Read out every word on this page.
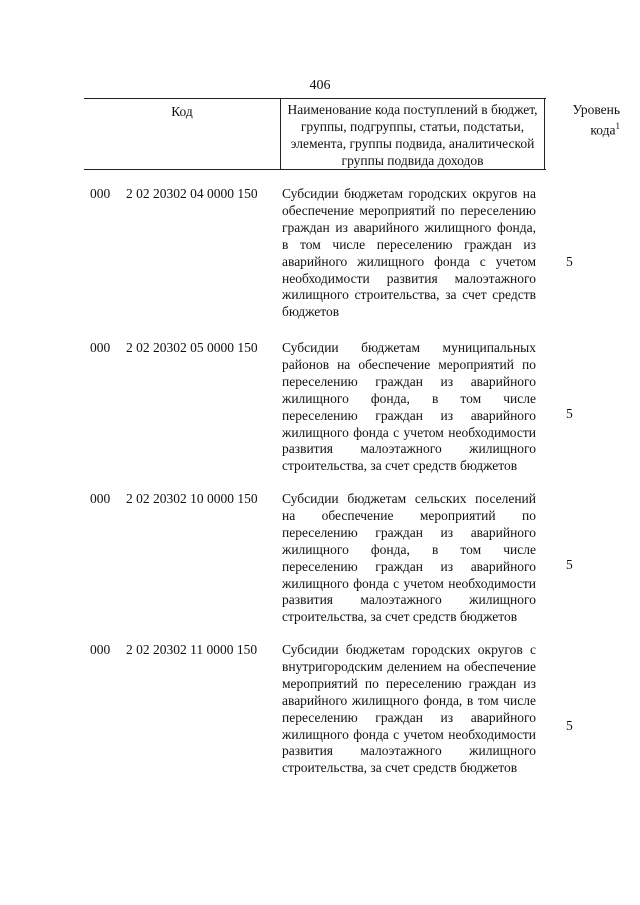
406
Код	Наименование кода поступлений в бюджет, группы, подгруппы, статьи, подстатьи, элемента, группы подвида, аналитической группы подвида доходов
Уровень кода$^1$
000 2 02 20302 04 0000 150 Субсидии бюджетам городских округов на обеспечение мероприятий по переселению граждан из аварийного жилищного фонда, в том числе переселению граждан из аварийного жилищного фонда с учетом необходимости развития малоэтажного жилищного строительства, за счет средств бюджетов
5
000 2 02 20302 05 0000 150 Субсидии бюджетам муниципальных районов на обеспечение мероприятий по переселению граждан из аварийного жилищного фонда, в том числе переселению граждан из аварийного жилищного фонда с учетом необходимости развития малоэтажного жилищного строительства, за счет средств бюджетов
5
000 2 02 20302 10 0000 150 Субсидии бюджетам сельских поселений на обеспечение мероприятий по переселению граждан из аварийного жилищного фонда, в том числе переселению граждан из аварийного жилищного фонда с учетом необходимости развития малоэтажного жилищного строительства, за счет средств бюджетов
5
000 2 02 20302 11 0000 150 Субсидии бюджетам городских округов с внутригородским делением на обеспечение мероприятий по переселению граждан из аварийного жилищного фонда, в том числе переселению граждан из аварийного жилищного фонда с учетом необходимости развития малоэтажного жилищного строительства, за счет средств бюджетов
5
